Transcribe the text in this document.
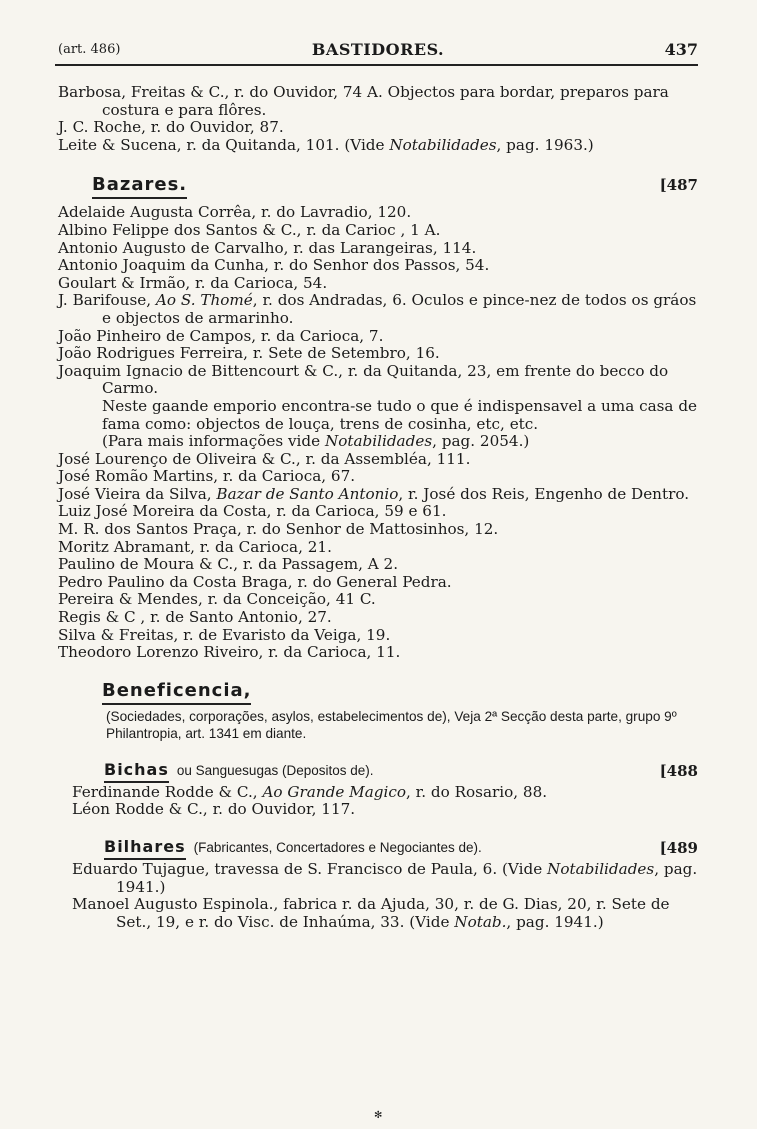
(art. 486)	BASTIDORES.	437

Barbosa, Freitas & C., r. do Ouvidor, 74 A. Objectos para bordar, preparos para costura e para flôres.

J. C. Roche, r. do Ouvidor, 87.

Leite & Sucena, r. da Quitanda, 101. (Vide Notabilidades, pag. 1963.)

Bazares.	[487

Adelaide Augusta Corrêa, r. do Lavradio, 120.

Albino Felippe dos Santos & C., r. da Carioc , 1 A.

Antonio Augusto de Carvalho, r. das Larangeiras, 114.

Antonio Joaquim da Cunha, r. do Senhor dos Passos, 54.

Goulart & Irmão, r. da Carioca, 54.

J. Barifouse, Ao S. Thomé, r. dos Andradas, 6. Oculos e pince-nez de todos os gráos e objectos de armarinho.

João Pinheiro de Campos, r. da Carioca, 7.

João Rodrigues Ferreira, r. Sete de Setembro, 16.

Joaquim Ignacio de Bittencourt & C., r. da Quitanda, 23, em frente do becco do Carmo.

Neste gaande emporio encontra-se tudo o que é indispensavel a uma casa de fama como: objectos de louça, trens de cosinha, etc, etc.

(Para mais informações vide Notabilidades, pag. 2054.)

José Lourenço de Oliveira & C., r. da Assembléa, 111.

José Romão Martins, r. da Carioca, 67.

José Vieira da Silva, Bazar de Santo Antonio, r. José dos Reis, Engenho de Dentro.

Luiz José Moreira da Costa, r. da Carioca, 59 e 61.

M. R. dos Santos Praça, r. do Senhor de Mattosinhos, 12.

Moritz Abramant, r. da Carioca, 21.

Paulino de Moura & C., r. da Passagem, A 2.

Pedro Paulino da Costa Braga, r. do General Pedra.

Pereira & Mendes, r. da Conceição, 41 C.

Regis & C , r. de Santo Antonio, 27.

Silva & Freitas, r. de Evaristo da Veiga, 19.

Theodoro Lorenzo Riveiro, r. da Carioca, 11.

Beneficencia,

(Sociedades, corporações, asylos, estabelecimentos de), Veja 2ª Secção desta parte, grupo 9º Philantropia, art. 1341 em diante.

Bichas ou Sanguesugas (Depositos de).	[488

Ferdinande Rodde & C., Ao Grande Magico, r. do Rosario, 88.

Léon Rodde & C., r. do Ouvidor, 117.

Bilhares (Fabricantes, Concertadores e Negociantes de).	[489

Eduardo Tujague, travessa de S. Francisco de Paula, 6. (Vide Notabilidades, pag. 1941.)

Manoel Augusto Espinola., fabrica r. da Ajuda, 30, r. de G. Dias, 20, r. Sete de Set., 19, e r. do Visc. de Inhaúma, 33. (Vide Notab., pag. 1941.)

✻
